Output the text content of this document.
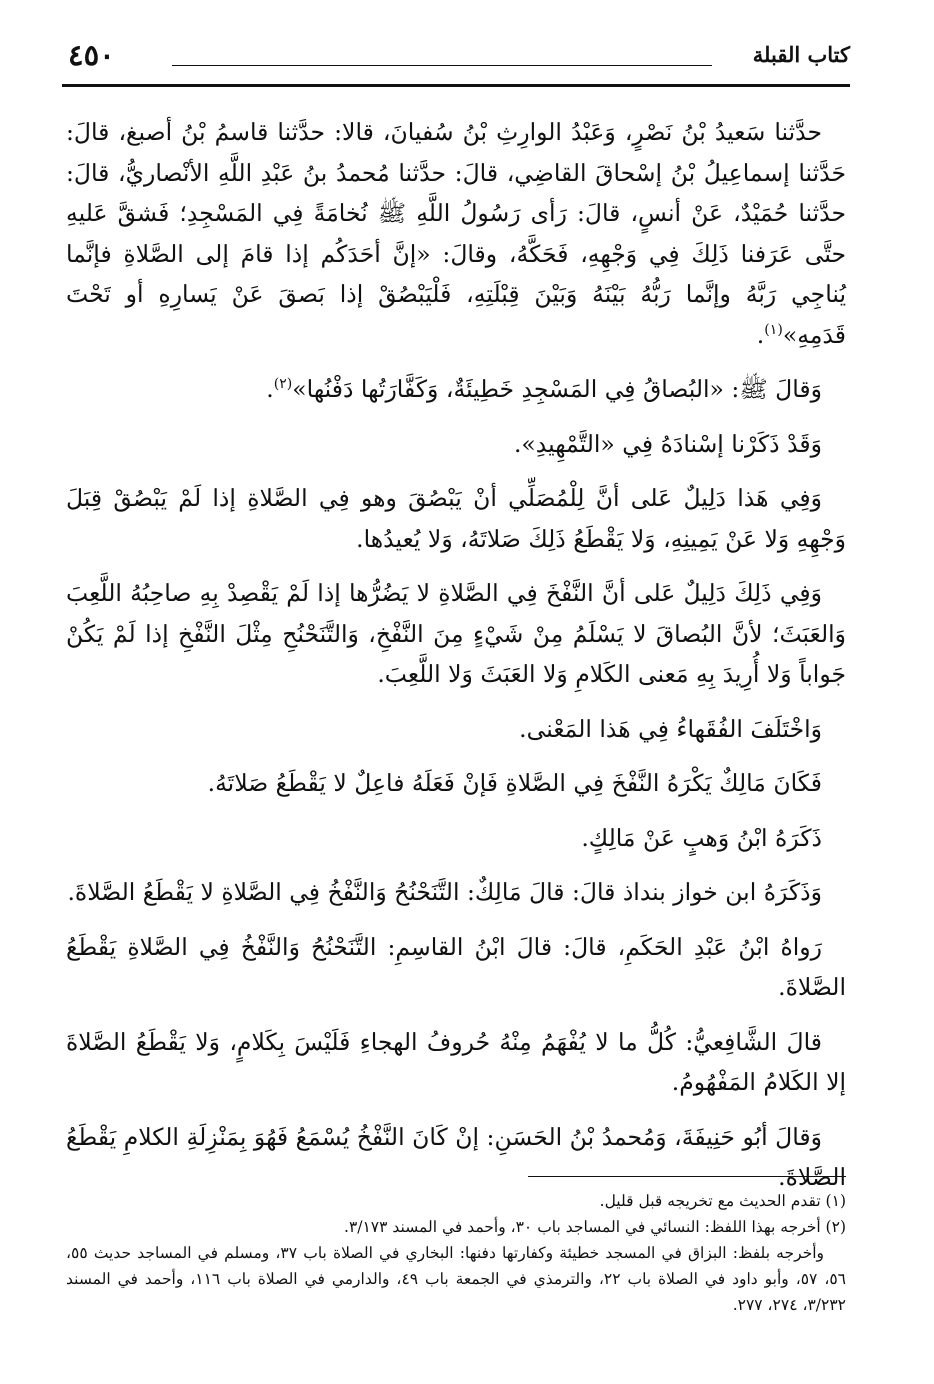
كتاب القبلة
٤٥٠

حدَّثنا سَعيدُ بْنُ نَصْرٍ، وَعَبْدُ الوارِثِ بْنُ سُفيانَ، قالا: حدَّثنا قاسمُ بْنُ أصبغ، قالَ: حَدَّثنا إسماعِيلُ بْنُ إسْحاقَ القاضِي، قالَ: حدَّثنا مُحمدُ بنُ عَبْدِ اللَّهِ الأنْصاريُّ، قالَ: حدَّثنا حُمَيْدٌ، عَنْ أنسٍ، قالَ: رَأى رَسُولُ اللَّهِ ﷺ نُخامَةً فِي المَسْجِدِ؛ فَشقَّ عَليهِ حتَّى عَرَفنا ذَلِكَ فِي وَجْهِهِ، فَحَكَّهُ، وقالَ: «إنَّ أحَدَكُم إذا قامَ إلى الصَّلاةِ فإنَّما يُناجِي رَبَّهُ وإنَّما رَبُّهُ بَيْنَهُ وَبَيْنَ قِبْلَتِهِ، فَلْيَبْصُقْ إذا بَصقَ عَنْ يَسارِهِ أو تَحْتَ قَدَمِهِ»$^{(١)}$.

وَقالَ ﷺ: «البُصاقُ فِي المَسْجِدِ خَطِيئَةٌ، وَكَفَّارَتُها دَفْنُها»$^{(٢)}$.

وَقَدْ ذَكَرْنا إسْنادَهُ فِي «التَّمْهِيدِ».

وَفِي هَذا دَلِيلٌ عَلى أنَّ لِلْمُصَلِّي أنْ يَبْصُقَ وهو فِي الصَّلاةِ إذا لَمْ يَبْصُقْ قِبَلَ وَجْهِهِ وَلا عَنْ يَمِينِهِ، وَلا يَقْطَعُ ذَلِكَ صَلاتَهُ، وَلا يُعيدُها.

وَفِي ذَلِكَ دَلِيلٌ عَلى أنَّ النَّفْخَ فِي الصَّلاةِ لا يَضُرُّها إذا لَمْ يَقْصِدْ بِهِ صاحِبُهُ اللَّعِبَ وَالعَبَثَ؛ لأنَّ البُصاقَ لا يَسْلَمُ مِنْ شَيْءٍ مِنَ النَّفْخِ، وَالتَّنَحْنُحِ مِثْلَ النَّفْخِ إذا لَمْ يَكُنْ جَواباً وَلا أُرِيدَ بِهِ مَعنى الكَلامِ وَلا العَبَثَ وَلا اللَّعِبَ.

وَاخْتَلَفَ الفُقَهاءُ فِي هَذا المَعْنى.

فَكَانَ مَالِكٌ يَكْرَهُ النَّفْخَ فِي الصَّلاةِ فَإنْ فَعَلَهُ فاعِلٌ لا يَقْطَعُ صَلاتَهُ.

ذَكَرَهُ ابْنُ وَهبٍ عَنْ مَالِكٍ.

وَذَكَرَهُ ابن خواز بنداذ قالَ: قالَ مَالِكٌ: التَّنَحْنُحُ وَالنَّفْخُ فِي الصَّلاةِ لا يَقْطَعُ الصَّلاةَ.

رَواهُ ابْنُ عَبْدِ الحَكَمِ، قالَ: قالَ ابْنُ القاسِمِ: التَّنَحْنُحُ وَالنَّفْخُ فِي الصَّلاةِ يَقْطَعُ الصَّلاةَ.

قالَ الشَّافِعيُّ: كُلُّ ما لا يُفْهَمُ مِنْهُ حُروفُ الهجاءِ فَلَيْسَ بِكَلامٍ، وَلا يَقْطَعُ الصَّلاةَ إلا الكَلامُ المَفْهُومُ.

وَقالَ أبُو حَنِيفَةَ، وَمُحمدُ بْنُ الحَسَنِ: إنْ كَانَ النَّفْخُ يُسْمَعُ فَهُوَ بِمَنْزِلَةِ الكلامِ يَقْطَعُ الصَّلاةَ.

(١) تقدم الحديث مع تخريجه قبل قليل.

(٢) أخرجه بهذا اللفظ: النسائي في المساجد باب ٣٠، وأحمد في المسند ٣/١٧٣.

وأخرجه بلفظ: البزاق في المسجد خطيئة وكفارتها دفنها: البخاري في الصلاة باب ٣٧، ومسلم في المساجد حديث ٥٥، ٥٦، ٥٧، وأبو داود في الصلاة باب ٢٢، والترمذي في الجمعة باب ٤٩، والدارمي في الصلاة باب ١١٦، وأحمد في المسند ٣/٢٣٢، ٢٧٤، ٢٧٧.
